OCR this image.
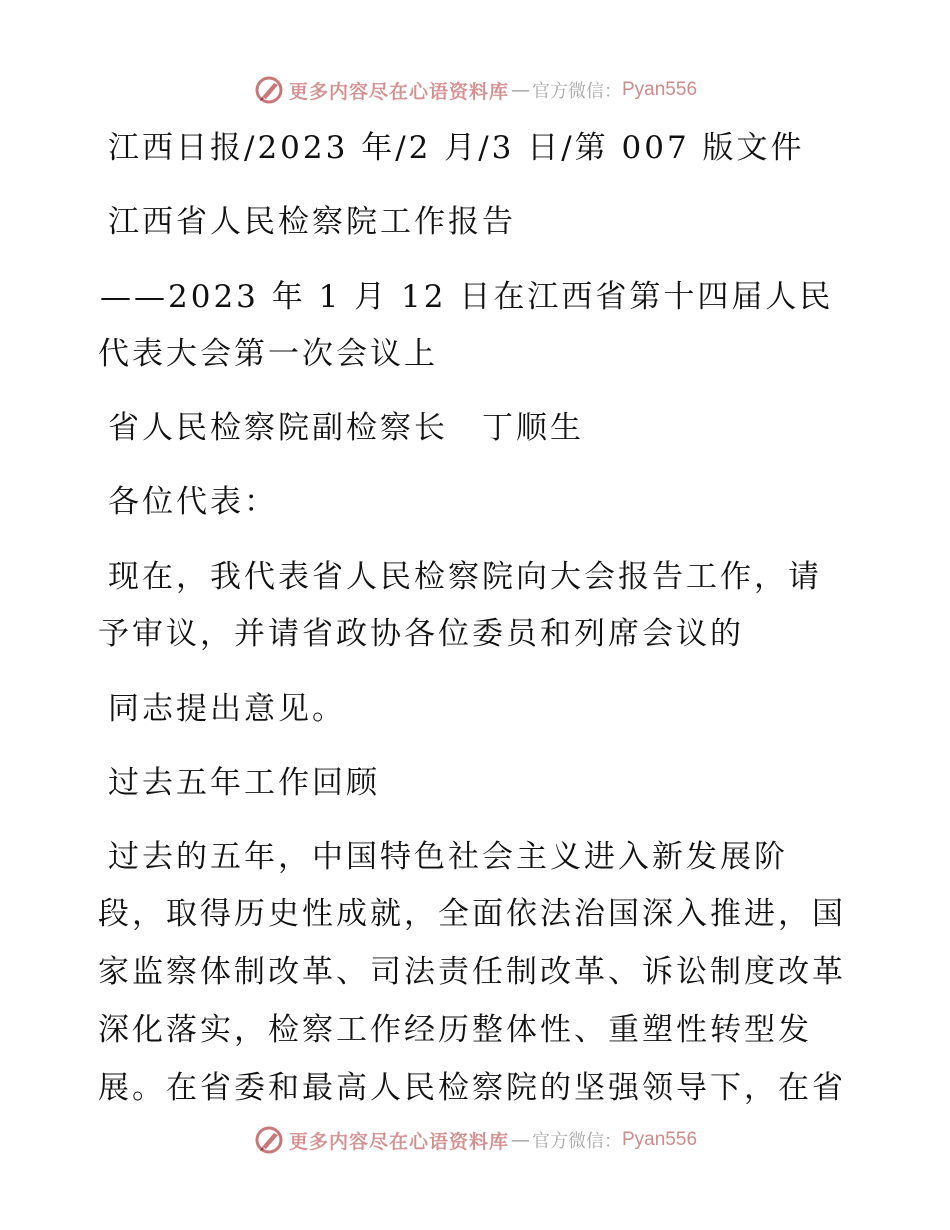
更多内容尽在心语资料库 — 官方微信： Pyan556
江西日报/2023 年/2 月/3 日/第 007 版文件
江西省人民检察院工作报告
——2023 年 1 月 12 日在江西省第十四届人民
代表大会第一次会议上
省人民检察院副检察长　丁顺生
各位代表：
现在，我代表省人民检察院向大会报告工作，请
予审议，并请省政协各位委员和列席会议的
同志提出意见。
过去五年工作回顾
过去的五年，中国特色社会主义进入新发展阶
段，取得历史性成就，全面依法治国深入推进，国
家监察体制改革、司法责任制改革、诉讼制度改革
深化落实，检察工作经历整体性、重塑性转型发
展。在省委和最高人民检察院的坚强领导下，在省
更多内容尽在心语资料库 — 官方微信： Pyan556
